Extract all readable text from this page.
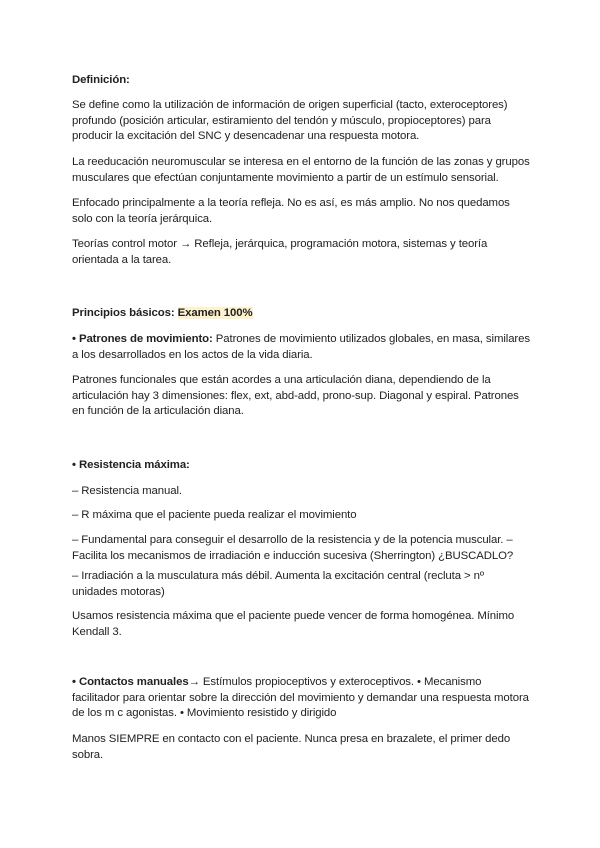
Definición:

Se define como la utilización de información de origen superficial (tacto, exteroceptores) profundo (posición articular, estiramiento del tendón y músculo, propioceptores) para producir la excitación del SNC y desencadenar una respuesta motora.

La reeducación neuromuscular se interesa en el entorno de la función de las zonas y grupos musculares que efectúan conjuntamente movimiento a partir de un estímulo sensorial.

Enfocado principalmente a la teoría refleja. No es así, es más amplio. No nos quedamos solo con la teoría jerárquica.

Teorías control motor → Refleja, jerárquica, programación motora, sistemas y teoría orientada a la tarea.

Principios básicos: Examen 100%

• Patrones de movimiento: Patrones de movimiento utilizados globales, en masa, similares a los desarrollados en los actos de la vida diaria.

Patrones funcionales que están acordes a una articulación diana, dependiendo de la articulación hay 3 dimensiones: flex, ext, abd-add, prono-sup. Diagonal y espiral. Patrones en función de la articulación diana.

• Resistencia máxima:

– Resistencia manual.

– R máxima que el paciente pueda realizar el movimiento

– Fundamental para conseguir el desarrollo de la resistencia y de la potencia muscular. – Facilita los mecanismos de irradiación e inducción sucesiva (Sherrington) ¿BUSCADLO?

– Irradiación a la musculatura más débil. Aumenta la excitación central (recluta > nº unidades motoras)

Usamos resistencia máxima que el paciente puede vencer de forma homogénea. Mínimo Kendall 3.

• Contactos manuales→ Estímulos propioceptivos y exteroceptivos. • Mecanismo facilitador para orientar sobre la dirección del movimiento y demandar una respuesta motora de los m c agonistas. • Movimiento resistido y dirigido

Manos SIEMPRE en contacto con el paciente. Nunca presa en brazalete, el primer dedo sobra.
